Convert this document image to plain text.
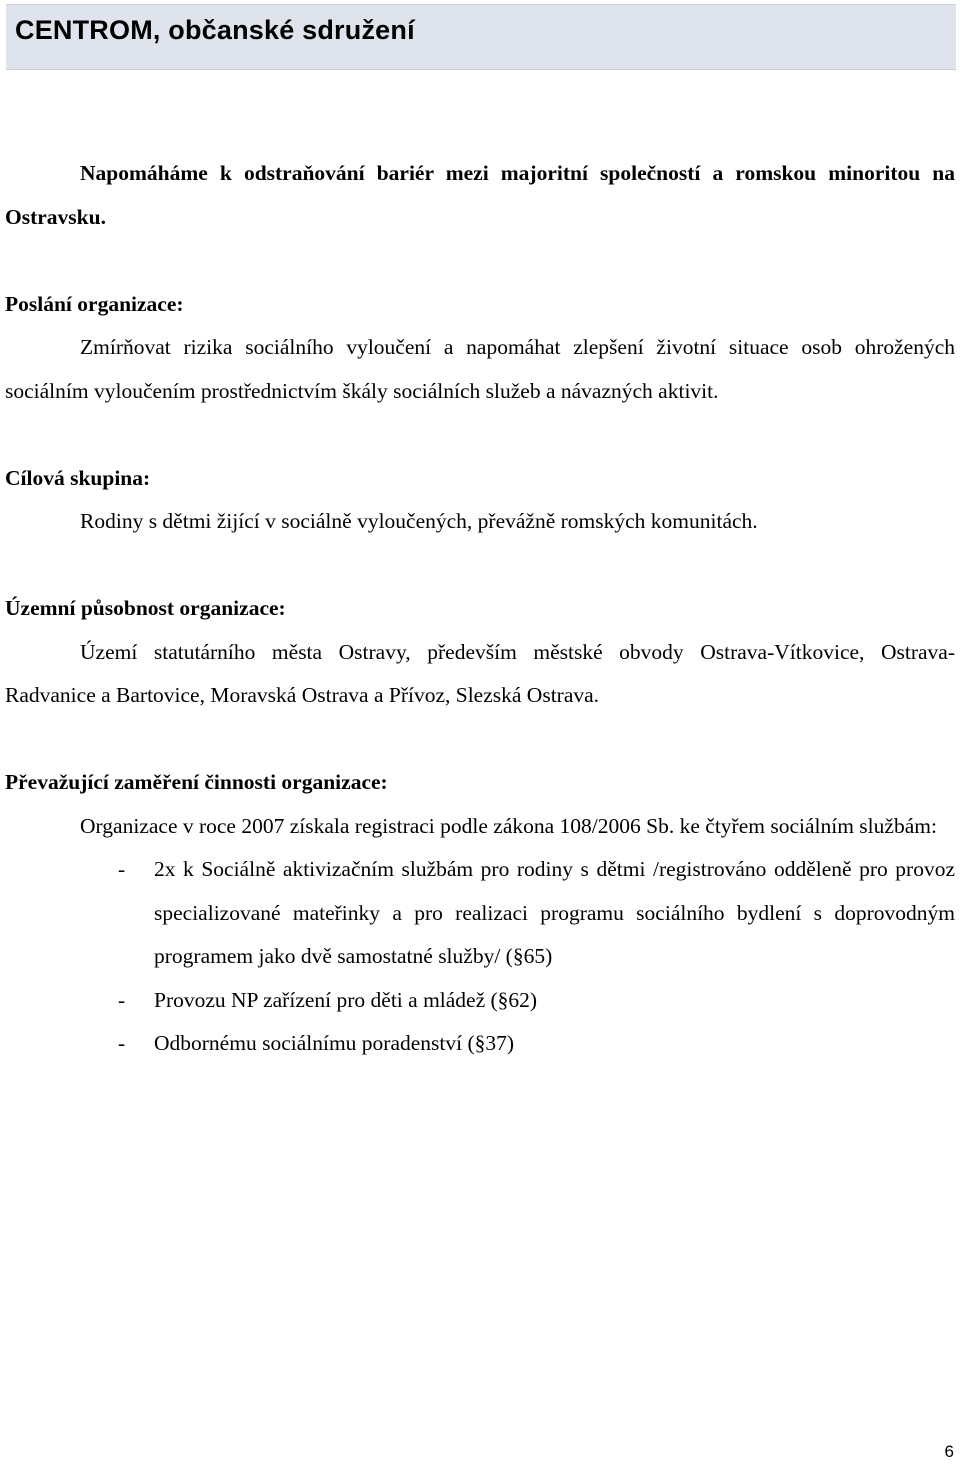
CENTROM, občanské sdružení

Napomáháme k odstraňování bariér mezi majoritní společností a romskou minoritou na Ostravsku.

Poslání organizace:

Zmírňovat rizika sociálního vyloučení a napomáhat zlepšení životní situace osob ohrožených sociálním vyloučením prostřednictvím škály sociálních služeb a návazných aktivit.

Cílová skupina:

Rodiny s dětmi žijící v sociálně vyloučených, převážně romských komunitách.

Územní působnost organizace:

Území statutárního města Ostravy, především městské obvody Ostrava-Vítkovice, Ostrava-Radvanice a Bartovice, Moravská Ostrava a Přívoz, Slezská Ostrava.

Převažující zaměření činnosti organizace:

Organizace v roce 2007 získala registraci podle zákona 108/2006 Sb. ke čtyřem sociálním službám:

- 2x k Sociálně aktivizačním službám pro rodiny s dětmi /registrováno odděleně pro provoz specializované mateřinky a pro realizaci programu sociálního bydlení s doprovodným programem jako dvě samostatné služby/ (§65)
- Provozu NP zařízení pro děti a mládež (§62)
- Odbornému sociálnímu poradenství (§37)
6
